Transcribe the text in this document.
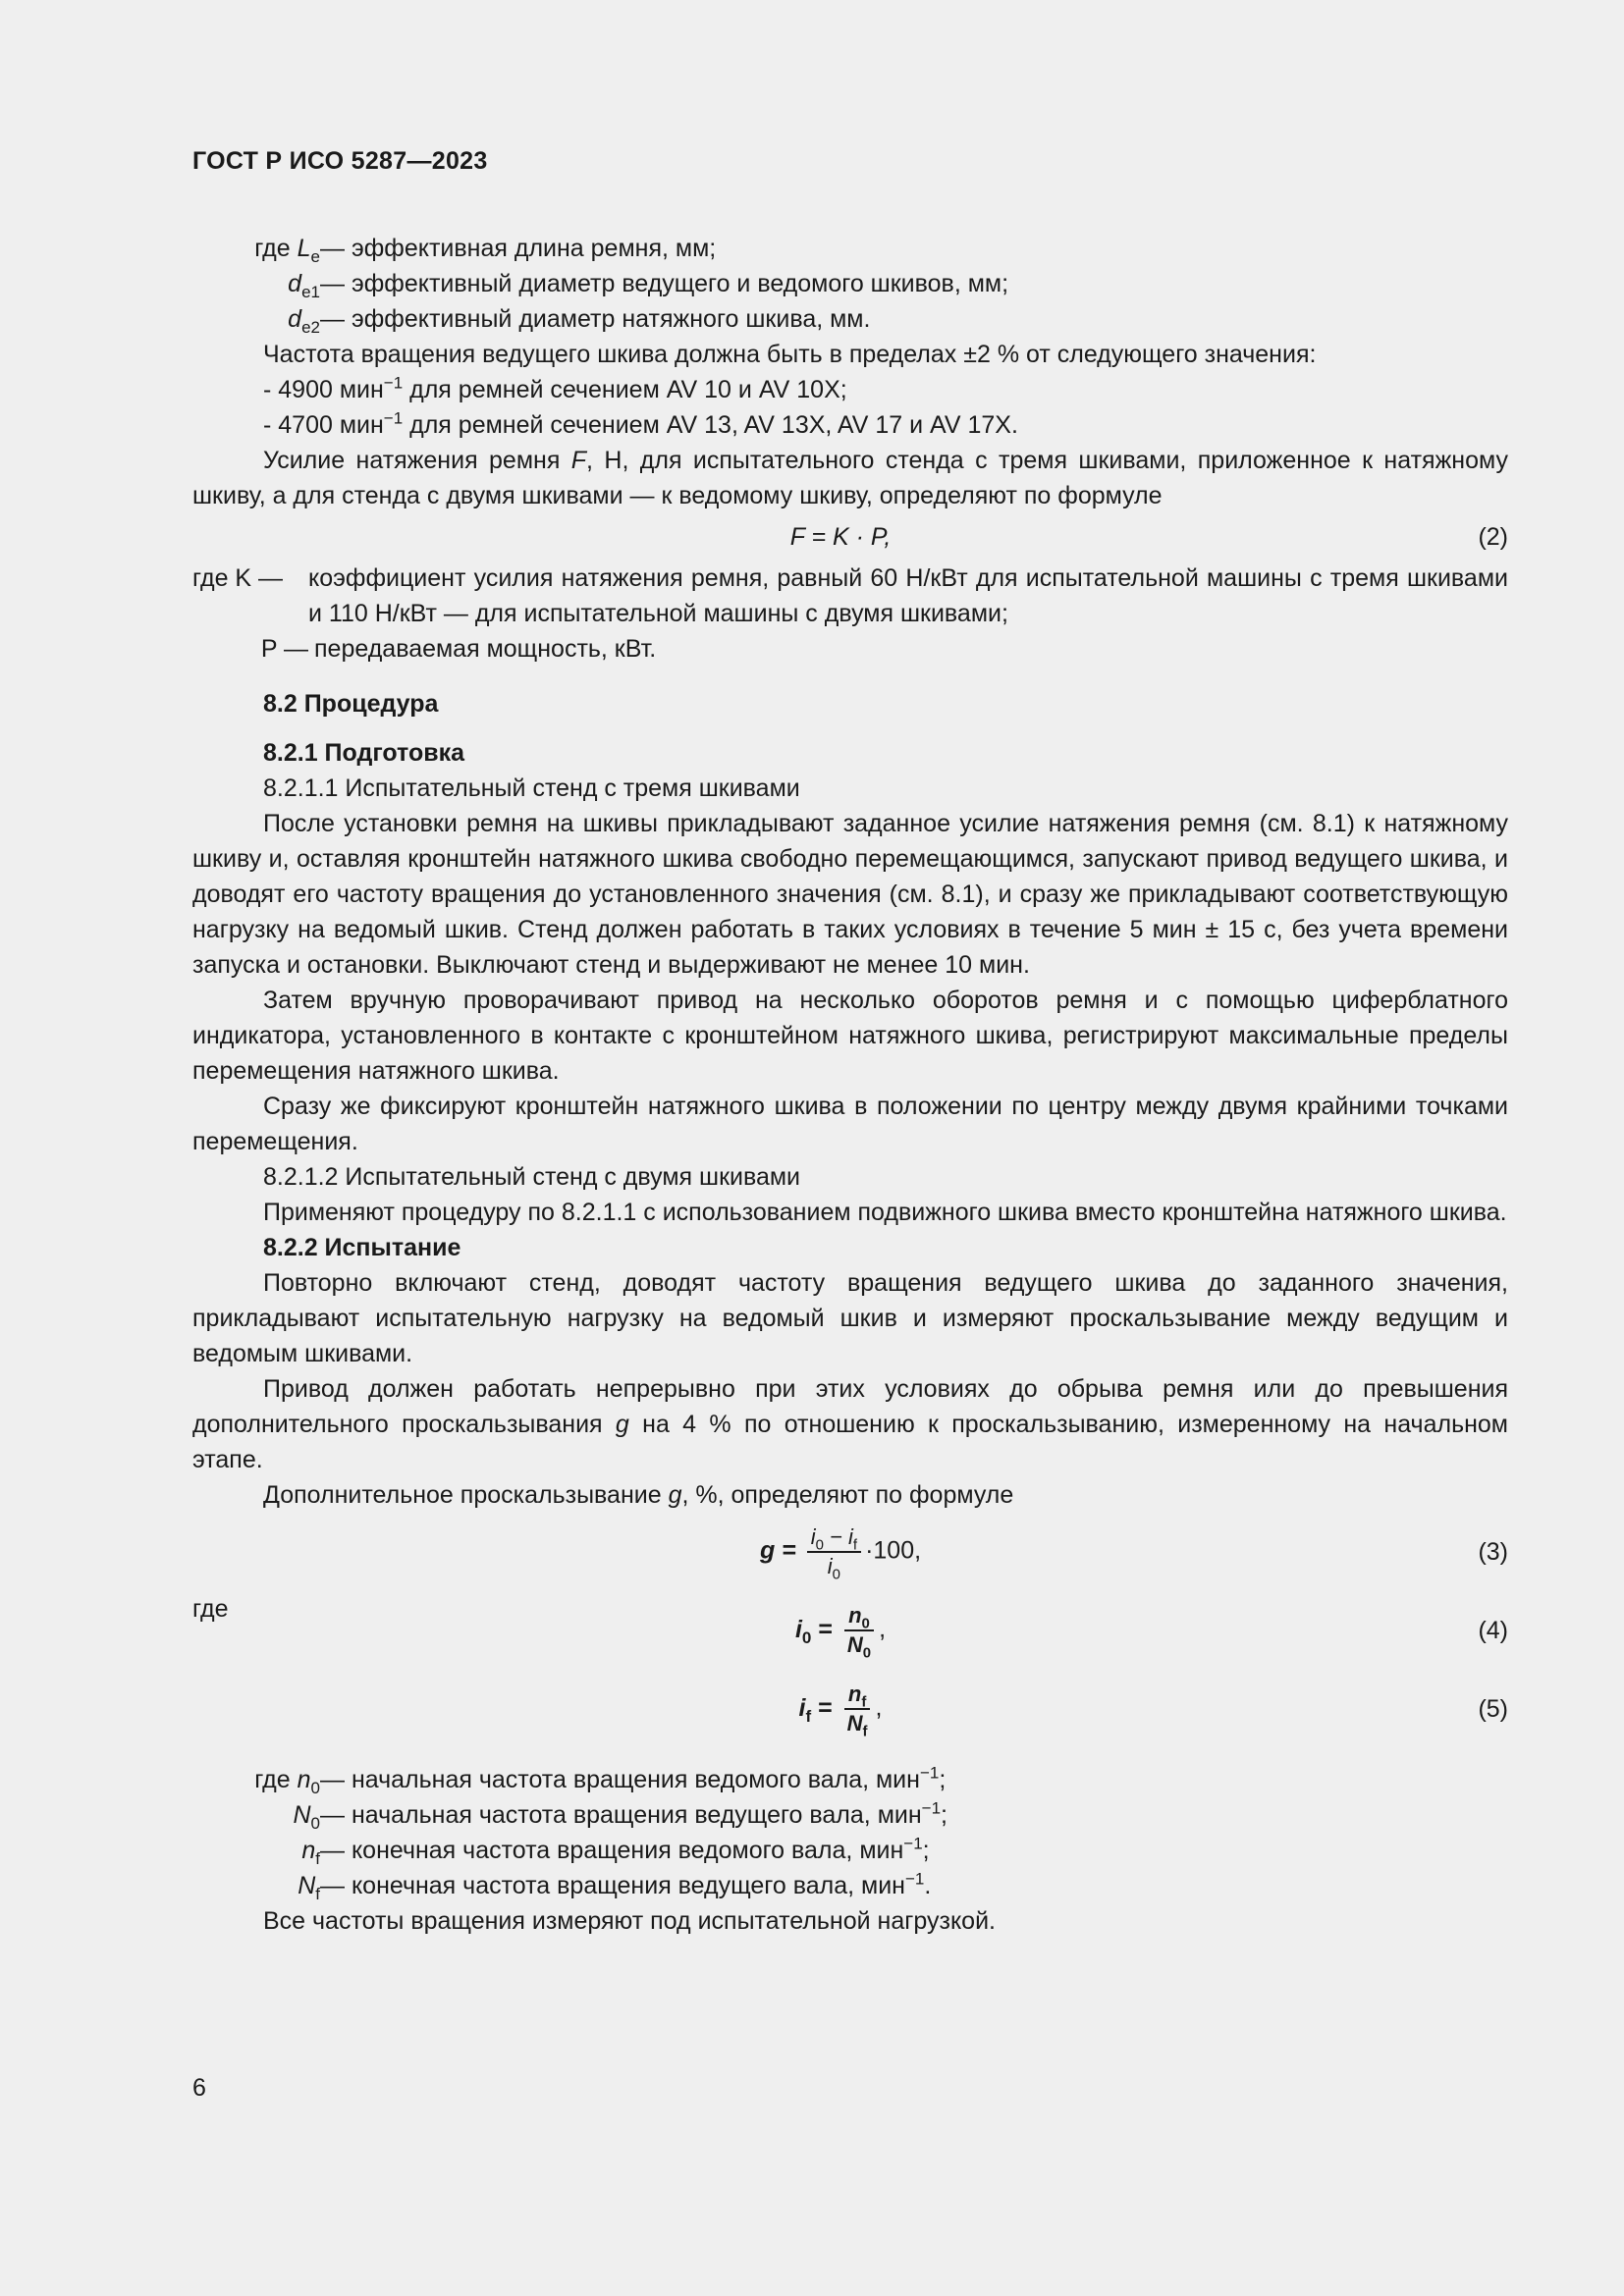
ГОСТ Р ИСО 5287—2023
где $L_e$ — эффективная длина ремня, мм;
$d_{e1}$ — эффективный диаметр ведущего и ведомого шкивов, мм;
$d_{e2}$ — эффективный диаметр натяжного шкива, мм.
Частота вращения ведущего шкива должна быть в пределах ±2 % от следующего значения:
- 4900 мин$^{-1}$ для ремней сечением AV 10 и AV 10X;
- 4700 мин$^{-1}$ для ремней сечением AV 13, AV 13X, AV 17 и AV 17X.
Усилие натяжения ремня F, Н, для испытательного стенда с тремя шкивами, приложенное к натяжному шкиву, а для стенда с двумя шкивами — к ведомому шкиву, определяют по формуле
F = K · P,	(2)
где K —	коэффициент усилия натяжения ремня, равный 60 Н/кВт для испытательной машины с тремя шкивами и 110 Н/кВт — для испытательной машины с двумя шкивами;
P — передаваемая мощность, кВт.
8.2 Процедура
8.2.1 Подготовка
8.2.1.1 Испытательный стенд с тремя шкивами
После установки ремня на шкивы прикладывают заданное усилие натяжения ремня (см. 8.1) к натяжному шкиву и, оставляя кронштейн натяжного шкива свободно перемещающимся, запускают привод ведущего шкива, и доводят его частоту вращения до установленного значения (см. 8.1), и сразу же прикладывают соответствующую нагрузку на ведомый шкив. Стенд должен работать в таких условиях в течение 5 мин ± 15 с, без учета времени запуска и остановки. Выключают стенд и выдерживают не менее 10 мин.
Затем вручную проворачивают привод на несколько оборотов ремня и с помощью циферблатного индикатора, установленного в контакте с кронштейном натяжного шкива, регистрируют максимальные пределы перемещения натяжного шкива.
Сразу же фиксируют кронштейн натяжного шкива в положении по центру между двумя крайними точками перемещения.
8.2.1.2 Испытательный стенд с двумя шкивами
Применяют процедуру по 8.2.1.1 с использованием подвижного шкива вместо кронштейна натяжного шкива.
8.2.2 Испытание
Повторно включают стенд, доводят частоту вращения ведущего шкива до заданного значения, прикладывают испытательную нагрузку на ведомый шкив и измеряют проскальзывание между ведущим и ведомым шкивами.
Привод должен работать непрерывно при этих условиях до обрыва ремня или до превышения дополнительного проскальзывания g на 4 % по отношению к проскальзыванию, измеренному на начальном этапе.
Дополнительное проскальзывание g, %, определяют по формуле
$g = \frac{i_0 - i_f}{i_0} \cdot 100$,	(3)
где
$i_0 = \frac{n_0}{N_0}$ ,	(4)
$i_f = \frac{n_f}{N_f}$ ,	(5)
где $n_0$ — начальная частота вращения ведомого вала, мин$^{-1}$;
$N_0$ — начальная частота вращения ведущего вала, мин$^{-1}$;
$n_f$ — конечная частота вращения ведомого вала, мин$^{-1}$;
$N_f$ — конечная частота вращения ведущего вала, мин$^{-1}$.
Все частоты вращения измеряют под испытательной нагрузкой.
6
